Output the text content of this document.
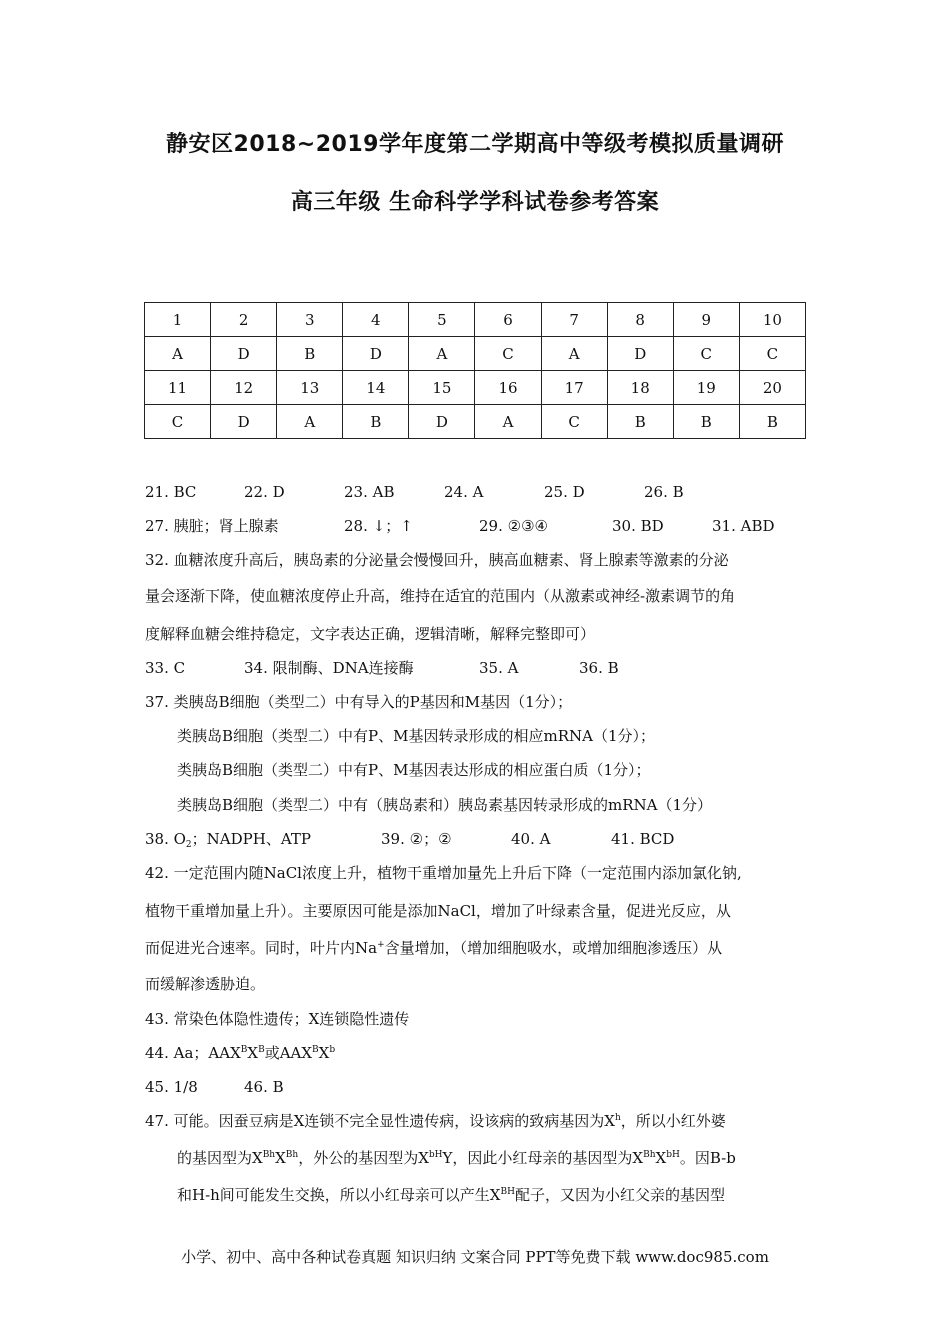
静安区2018~2019学年度第二学期高中等级考模拟质量调研
高三年级 生命科学学科试卷参考答案
1	2	3	4	5	6	7	8	9	10
A	D	B	D	A	C	A	D	C	C
11	12	13	14	15	16	17	18	19	20
C	D	A	B	D	A	C	B	B	B
21. BC	22. D	23. AB	24. A	25. D	26. B
27. 胰脏；肾上腺素	28. ↓；↑	29. ②③④	30. BD	31. ABD
32. 血糖浓度升高后，胰岛素的分泌量会慢慢回升，胰高血糖素、肾上腺素等激素的分泌
量会逐渐下降，使血糖浓度停止升高，维持在适宜的范围内（从激素或神经-激素调节的角
度解释血糖会维持稳定，文字表达正确，逻辑清晰，解释完整即可）
33. C	34. 限制酶、DNA连接酶	35. A	36. B
37. 类胰岛B细胞（类型二）中有导入的P基因和M基因（1分）；
类胰岛B细胞（类型二）中有P、M基因转录形成的相应mRNA（1分）；
类胰岛B细胞（类型二）中有P、M基因表达形成的相应蛋白质（1分）；
类胰岛B细胞（类型二）中有（胰岛素和）胰岛素基因转录形成的mRNA（1分）
38. $O_2$；NADPH、ATP	39. ②；②	40. A	41. BCD
42. 一定范围内随NaCl浓度上升，植物干重增加量先上升后下降（一定范围内添加氯化钠,
植物干重增加量上升）。主要原因可能是添加NaCl，增加了叶绿素含量，促进光反应，从
而促进光合速率。同时，叶片内Na+含量增加，（增加细胞吸水，或增加细胞渗透压）从
而缓解渗透胁迫。
43. 常染色体隐性遗传；X连锁隐性遗传
44. Aa；$AAX^BX^B$或$AAX^BX^b$
45. 1/8	46. B
47. 可能。因蚕豆病是X连锁不完全显性遗传病，设该病的致病基因为$X^h$，所以小红外婆
的基因型为$X^{Bh}X^{Bh}$，外公的基因型为$X^{bH}Y$，因此小红母亲的基因型为$X^{Bh}X^{bH}$。因B-b
和H-h间可能发生交换，所以小红母亲可以产生$X^{BH}$配子，又因为小红父亲的基因型
小学、初中、高中各种试卷真题 知识归纳 文案合同 PPT等免费下载 www.doc985.com
